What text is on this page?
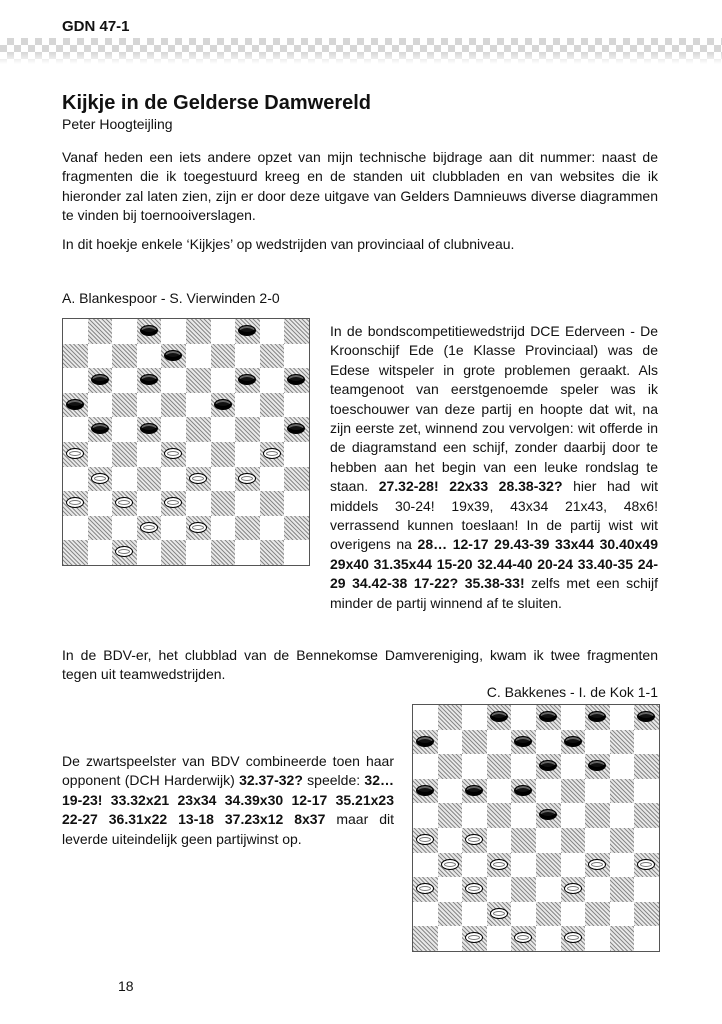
GDN 47-1
Kijkje in de Gelderse Damwereld
Peter Hoogteijling
Vanaf heden een iets andere opzet van mijn technische bijdrage aan dit nummer: naast de fragmenten die ik toegestuurd kreeg en de standen uit clubbladen en van websites die ik hieronder zal laten zien, zijn er door deze uitgave van Gelders Damnieuws diverse diagrammen te vinden bij toernooiverslagen.
In dit hoekje enkele ‘Kijkjes’ op wedstrijden van provinciaal of clubniveau.
A. Blankespoor - S. Vierwinden 2-0
In de bondscompetitiewedstrijd DCE Ederveen - De Kroonschijf Ede (1e Klasse Provinciaal) was de Edese witspeler in grote problemen geraakt. Als teamgenoot van eerstgenoemde speler was ik toeschouwer van deze partij en hoopte dat wit, na zijn eerste zet, winnend zou vervolgen: wit offerde in de diagramstand een schijf, zonder daarbij door te hebben aan het begin van een leuke rondslag te staan. 27.32-28! 22x33 28.38-32? hier had wit middels 30-24! 19x39, 43x34 21x43, 48x6! verrassend kunnen toeslaan! In de partij wist wit overigens na 28… 12-17 29.43-39 33x44 30.40x49 29x40 31.35x44 15-20 32.44-40 20-24 33.40-35 24-29 34.42-38 17-22? 35.38-33! zelfs met een schijf minder de partij winnend af te sluiten.
In de BDV-er, het clubblad van de Bennekomse Damvereniging, kwam ik twee fragmenten tegen uit teamwedstrijden.
C. Bakkenes - I. de Kok 1-1
De zwartspeelster van BDV combineerde toen haar opponent (DCH Harderwijk) 32.37-32? speelde: 32…19-23! 33.32x21 23x34 34.39x30 12-17 35.21x23 22-27 36.31x22 13-18 37.23x12 8x37 maar dit leverde uiteindelijk geen partijwinst op.
18
